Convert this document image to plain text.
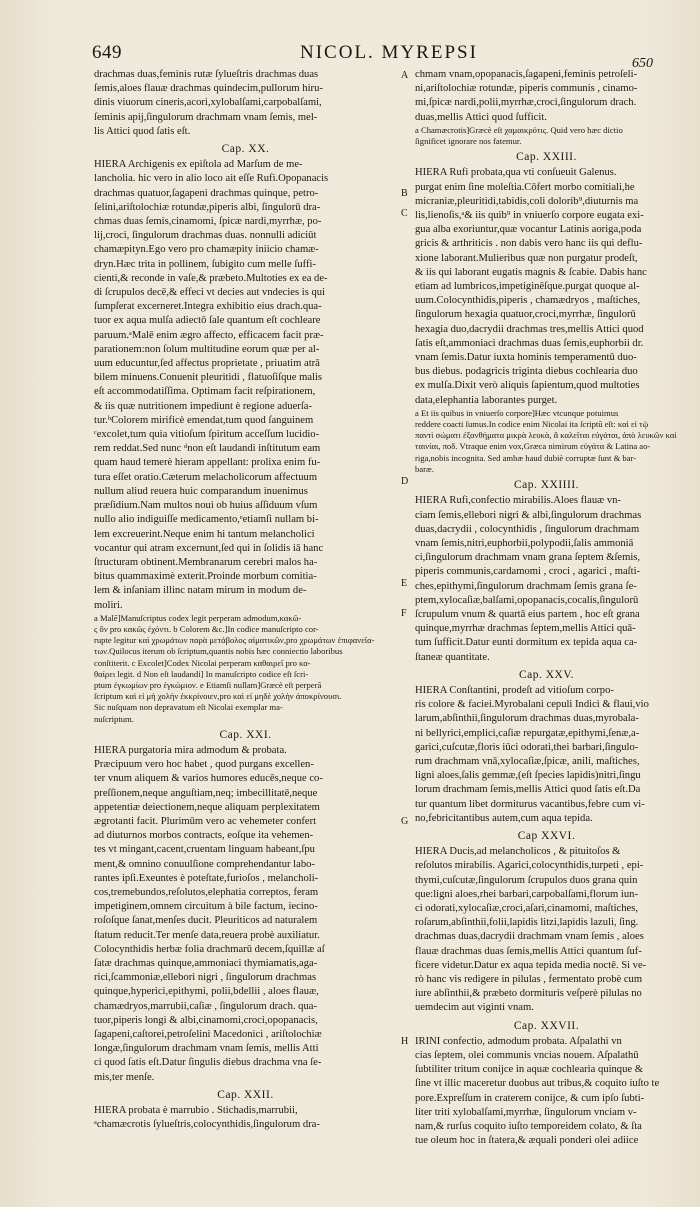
649	NICOL. MYREPSI
650
drachmas duas,feminis rutæ ſylueſtris drachmas duas
ſemis,aloes flauæ drachmas quindecim,pullorum hiru-
dinis viuorum cineris,acori,xylobalſami,carpobalſami,
ſeminis apij,ſingulorum drachmam vnam ſemis, mel-
lis Attici quod ſatis eſt.
Cap. XX.
HIERA Archigenis ex epiſtola ad Marſum de me-
lancholia. hic vero in alio loco ait eſſe Rufi.Opopanacis
drachmas quatuor,ſagapeni drachmas quinque, petro-
ſelini,ariſtolochiæ rotundæ,piperis albi, ſingulorū dra-
chmas duas ſemis,cinamomi, ſpicæ nardi,myrrhæ, po-
lij,croci, ſingulorum drachmas duas. nonnulli adiciūt
chamæpityn.Ego vero pro chamæpity iniicio chamæ-
dryn.Hæc trita in pollinem, ſubigito cum melle ſuffi-
cienti,& reconde in vaſe,& præbeto.Multoties ex ea de-
di ſcrupulos decē,& effeci vt decies aut vndecies is qui
ſumpſerat excerneret.Integra exhibitio eius drach.qua-
tuor ex aqua mulſa adiectō ſale quantum eſt cochleare
paruum.ᵃMalē enim ægro affecto, efficacem facit præ-
parationem:non ſolum multitudine eorum quæ per al-
uum educuntur,ſed affectus proprietate , priuatim atrā
bilem minuens.Conuenit pleuritidi , flatuoſiſque malis
eſt accommodatiſſima. Optimam facit reſpirationem,
& iis quæ nutritionem impediunt è regione aduerſa-
tur.ᵇColorem mirificè emendat,tum quod ſanguinem
ᶜexcolet,tum quia vitioſum ſpiritum acceſſum lucidio-
rem reddat.Sed nunc ᵈnon eſt laudandi inſtitutum eam
quam haud temerè hieram appellant: prolixa enim fu-
tura eſſet oratio.Cæterum melacholicorum affectuum
nullum aliud reuera huic comparandum inuenimus
præſidium.Nam multos noui ob huius aſſiduum vſum
nullo alio indiguiſſe medicamento,ᵉetiamſi nullam bi-
lem excreuerint.Neque enim hi tantum melancholici
vocantur qui atram excernunt,ſed qui in ſolidis iā hanc
ſtructuram obtinent.Membranarum cerebri malos ha-
bitus quammaximè exterit.Proinde morbum comitia-
lem & inſaniam illinc natam mirum in modum de-
moliri.
a Malē]Manuſcriptus codex legit perperam admodum,κακῶ-
ς ὄν pro κακῶς ἐχόντι. b Colorem &c.]In codice manuſcripto cor-
rupte legitur καὶ χρωμάτων παρὰ μετάβολος αἰματικῶν,pro χρωμάτων ἐπιφανεῖα-
των.Quilocus iterum ob ſcriptum,quantis nobis hæc conniectio laboribus
conſtiterit. c Excolet]Codex Nicolai perperam καθαιρεῖ pro κα-
θαίρει legit. d Non eſt laudandi] In manuſcripto codice eſt ſcri-
ptum ἐγκωμίων pro ἐγκώμιον. e Etiamſi nullam]Græcè eſt perperā
ſcriptum καὶ εἰ μὴ χολὴν ἐκκρίνοιεν,pro καὶ εἰ μηδὲ χολὴν ἀποκρίνουσι.
Sic nuſquam non depravatum eſt Nicolai exemplar ma-
nuſcriptum.
Cap. XXI.
HIERA purgatoria mira admodum & probata.
Præcipuum vero hoc habet , quod purgans excellen-
ter vnum aliquem & varios humores educēs,neque co-
preſſionem,neque anguſtiam,neq; imbecillitatē,neque
appetentiæ deiectionem,neque aliquam perplexitatem
ægrotanti facit. Plurimūm vero ac vehemeter confert
ad diuturnos morbos contracts, eoſque ita vehemen-
tes vt mingant,cacent,cruentam linguam habeant,ſpu
ment,& omnino conuulſione comprehendantur labo-
rantes ipſi.Exeuntes è poteſtate,furioſos , melancholi-
cos,tremebundos,reſolutos,elephatia correptos, feram
impetiginem,omnem circuitum à bile factum, iecino-
roſoſque ſanat,menſes ducit. Pleuriticos ad naturalem
ſtatum reducit.Ter menſe data,reuera probè auxiliatur.
Colocynthidis herbæ folia drachmarū decem,ſquillæ aſ
ſatæ drachmas quinque,ammoniaci thymiamatis,aga-
rici,ſcammoniæ,ellebori nigri , ſingulorum drachmas
quinque,hyperici,epithymi, polii,bdellii , aloes flauæ,
chamædryos,marrubii,caſiæ , ſingulorum drach. qua-
tuor,piperis longi & albi,cinamomi,croci,opopanacis,
ſagapeni,caſtorei,petroſelini Macedonici , ariſtolochiæ
longæ,ſingulorum drachmam vnam ſemis, mellis Atti
ci quod ſatis eſt.Datur ſingulis diebus drachma vna ſe-
mis,ter menſe.
Cap. XXII.
HIERA probata è marrubio . Stichadis,marrubii,
ᵃchamæcrotis ſylueſtris,colocynthidis,ſingulorum dra-
A
B
C
D
E
F
G
H
chmam vnam,opopanacis,ſagapeni,feminis petroſeli-
ni,ariſtolochiæ rotundæ, piperis communis , cinamo-
mi,ſpicæ nardi,polii,myrrhæ,croci,ſingulorum drach.
duas,mellis Attici quod ſufficit.
a Chamæcrotis]Græcè eſt χαμαικρότις. Quid vero hæc dictio
ſignificet ignorare nos fatemur.
Cap. XXIII.
HIERA Rufi probata,qua vti conſueuit Galenus.
purgat enim ſine moleſtia.Cōfert morbo comitiali,he
micraniæ,pleuritidi,tabidis,coli dolorib⁹,diuturnis ma
lis,lienoſis,ᵃ& iis quib⁹ in vniuerſo corpore eugata exi-
gua alba exoriuntur,quæ vocantur Latinis aoriga,poda
gricis & arthriticis . non dabis vero hanc iis qui deflu-
xione laborant.Mulieribus quæ non purgatur prodeſt,
& iis qui laborant eugatis magnis & ſcabie. Dabis hanc
etiam ad lumbricos,impetiginēſque.purgat quoque al-
uum.Colocynthidis,piperis , chamædryos , maſtiches,
ſingulorum hexagia quatuor,croci,myrrhæ, ſingulorū
hexagia duo,dacrydii drachmas tres,mellis Attici quod
ſatis eſt,ammoniaci drachmas duas ſemis,euphorbii dr.
vnam ſemis.Datur iuxta hominis temperamentū duo-
bus diebus. podagricis triginta diebus cochlearia duo
ex mulſa.Dixit verò aliquis ſapientum,quod multoties
data,elephantia laborantes purget.
a Et iis quibus in vniuerſo corpore]Hæc vtcunque potuimus
reddere coacti ſumus.In codice enim Nicolai ita ſcriptū eſt: καὶ εἰ τῷ
παντὶ σώματι ἐξανθήματα μικρὰ λευκὰ, ἃ καλεῖται εὐγάται, ἀπὸ λευκῶν καὶ
ταινίαι, ποδ. Vtraque enim vox,Græca nimirum εὐγάτα & Latina ao-
riga,nobis incognita. Sed ambæ haud dubiè corruptæ ſunt & bar-
baræ.
Cap. XXIIII.
HIERA Rufi,confectio mirabilis.Aloes flauæ vn-
ciam ſemis,ellebori nigri & albi,ſingulorum drachmas
duas,dacrydii , colocynthidis , ſingulorum drachmam
vnam ſemis,nitri,euphorbii,polypodii,ſalis ammoniā
ci,ſingulorum drachmam vnam grana ſeptem &ſemis,
piperis communis,cardamomi , croci , agarici , maſti-
ches,epithymi,ſingulorum drachmam ſemis grana ſe-
ptem,xylocaſiæ,balſami,opopanacis,cocalis,ſingulorū
ſcrupulum vnum & quartā eius partem , hoc eſt grana
quinque,myrrhæ drachmas ſeptem,mellis Attici quā-
tum ſufficit.Datur eunti dormitum ex tepida aqua ca-
ſtaneæ quantitate.
Cap. XXV.
HIERA Conſtantini, prodeſt ad vitioſum corpo-
ris colore & faciei.Myrobalani cepuli Indici & flaui,vio
larum,abſinthii,ſingulorum drachmas duas,myrobala-
ni bellyrici,emplici,caſiæ repurgatæ,epithymi,ſenæ,a-
garici,cuſcutæ,floris iūci odorati,thei barbari,ſingulo-
rum drachmam vnā,xylocaſiæ,ſpicæ, anili, maſtiches,
ligni aloes,ſalis gemmæ,(eſt ſpecies lapidis)nitri,ſingu
lorum drachmam ſemis,mellis Attici quod ſatis eſt.Da
tur quantum libet dormiturus vacantibus,febre cum vi-
no,febricitantibus autem,cum aqua tepida.
Cap XXVI.
HIERA Ducis,ad melancholicos , & pituitoſos &
reſolutos mirabilis. Agarici,colocynthidis,turpeti , epi-
thymi,cuſcutæ,ſingulorum ſcrupulos duos grana quin
que:ligni aloes,rhei barbari,carpobalſami,florum iun-
ci odorati,xylocaſiæ,croci,aſari,cinamomi, maſtiches,
roſarum,abſinthii,folii,lapidis litzi,lapidis lazuli, ſing.
drachmas duas,dacrydii drachmam vnam ſemis , aloes
flauæ drachmas duas ſemis,mellis Attici quantum ſuf-
ficere videtur.Datur ex aqua tepida media noctē. Si ve-
rò hanc vis redigere in pilulas , fermentato probè cum
iure abſinthii,& præbeto dormituris veſperè pilulas no
uemdecim aut viginti vnam.
Cap. XXVII.
IRINI confectio, admodum probata. Aſpalathi vn
cias ſeptem, olei communis vncias nouem. Aſpalathū
ſubtiliter tritum conijce in aquæ cochlearia quinque &
ſine vt illic maceretur duobus aut tribus,& coquito iuſto te
pore.Expreſſum in craterem conijce, & cum ipſo ſubti-
liter triti xylobalſami,myrrhæ, ſingulorum vnciam v-
nam,& rurſus coquito iuſto temporeidem colato, & ſta
tue oleum hoc in ſtatera,& æquali ponderi olei adiice
